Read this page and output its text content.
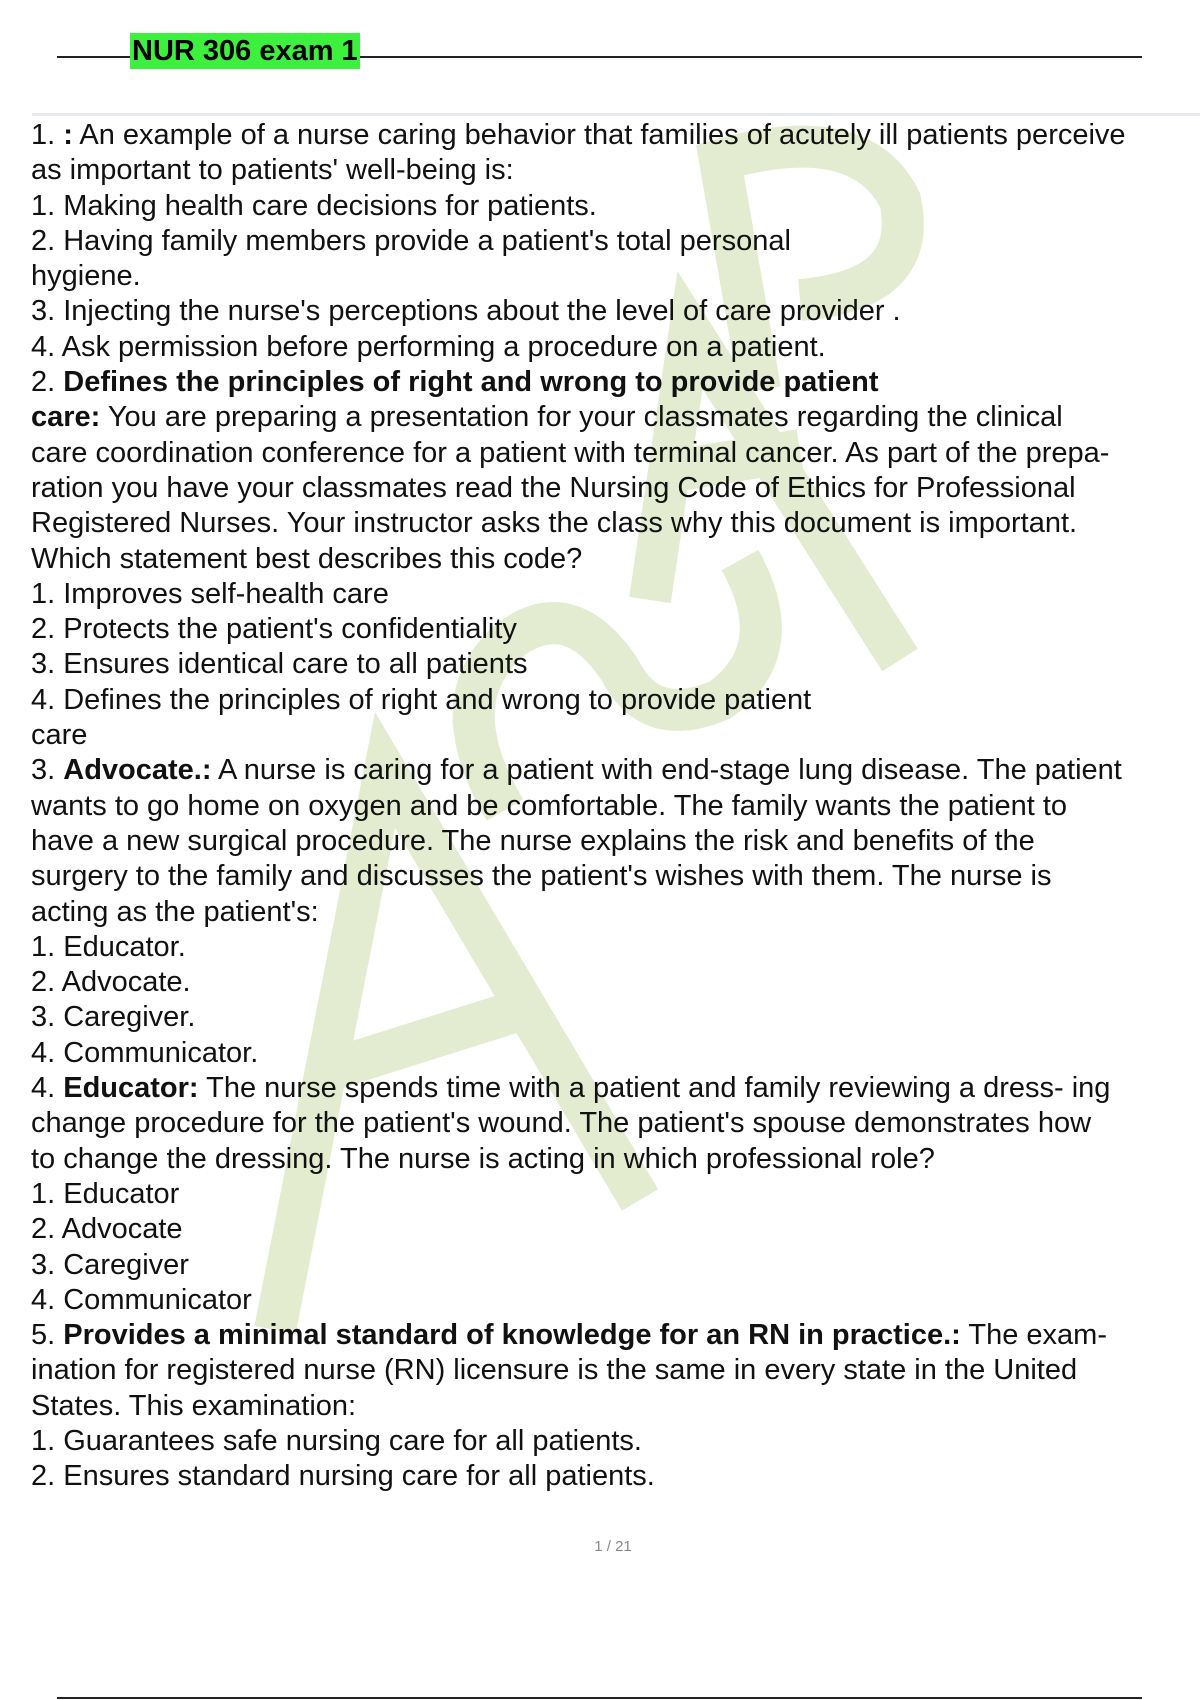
NUR 306 exam 1
1. : An example of a nurse caring behavior that families of acutely ill patients perceive
as important to patients' well-being is:
1. Making health care decisions for patients.
2. Having family members provide a patient's total personal
hygiene.
3. Injecting the nurse's perceptions about the level of care provider .
4. Ask permission before performing a procedure on a patient.
2. Defines the principles of right and wrong to provide patient
care: You are preparing a presentation for your classmates regarding the clinical
care coordination conference for a patient with terminal cancer. As part of the prepa-
ration you have your classmates read the Nursing Code of Ethics for Professional
Registered Nurses. Your instructor asks the class why this document is important.
Which statement best describes this code?
1. Improves self-health care
2. Protects the patient's confidentiality
3. Ensures identical care to all patients
4. Defines the principles of right and wrong to provide patient
care
3. Advocate.: A nurse is caring for a patient with end-stage lung disease. The patient
wants to go home on oxygen and be comfortable. The family wants the patient to
have a new surgical procedure. The nurse explains the risk and benefits of the
surgery to the family and discusses the patient's wishes with them. The nurse is
acting as the patient's:
1. Educator.
2. Advocate.
3. Caregiver.
4. Communicator.
4. Educator: The nurse spends time with a patient and family reviewing a dress- ing
change procedure for the patient's wound. The patient's spouse demonstrates how
to change the dressing. The nurse is acting in which professional role?
1. Educator
2. Advocate
3. Caregiver
4. Communicator
5. Provides a minimal standard of knowledge for an RN in practice.: The exam-
ination for registered nurse (RN) licensure is the same in every state in the United
States. This examination:
1. Guarantees safe nursing care for all patients.
2. Ensures standard nursing care for all patients.
1 / 21
